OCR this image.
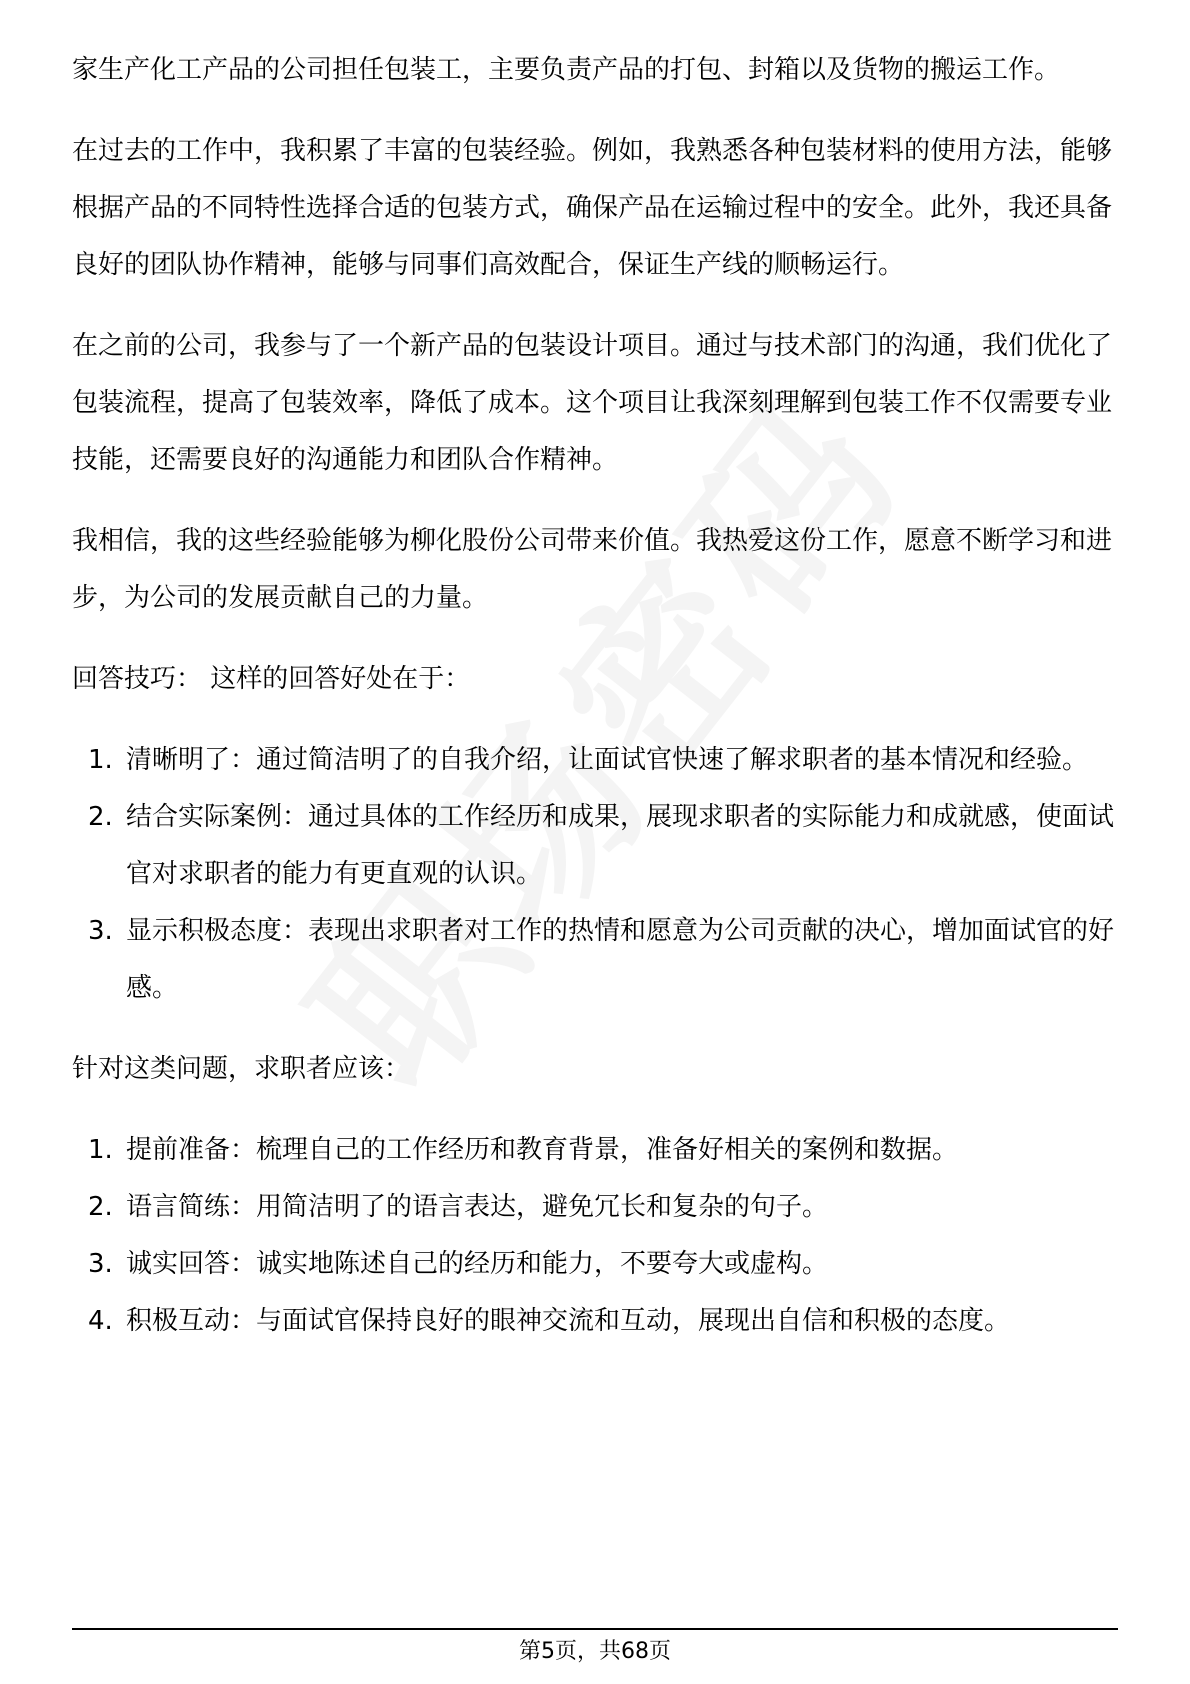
家生产化工产品的公司担任包装工，主要负责产品的打包、封箱以及货物的搬运工作。

在过去的工作中，我积累了丰富的包装经验。例如，我熟悉各种包装材料的使用方法，能够根据产品的不同特性选择合适的包装方式，确保产品在运输过程中的安全。此外，我还具备良好的团队协作精神，能够与同事们高效配合，保证生产线的顺畅运行。

在之前的公司，我参与了一个新产品的包装设计项目。通过与技术部门的沟通，我们优化了包装流程，提高了包装效率，降低了成本。这个项目让我深刻理解到包装工作不仅需要专业技能，还需要良好的沟通能力和团队合作精神。

我相信，我的这些经验能够为柳化股份公司带来价值。我热爱这份工作，愿意不断学习和进步，为公司的发展贡献自己的力量。

回答技巧： 这样的回答好处在于：

1. 清晰明了：通过简洁明了的自我介绍，让面试官快速了解求职者的基本情况和经验。
2. 结合实际案例：通过具体的工作经历和成果，展现求职者的实际能力和成就感，使面试官对求职者的能力有更直观的认识。
3. 显示积极态度：表现出求职者对工作的热情和愿意为公司贡献的决心，增加面试官的好感。

针对这类问题，求职者应该：

1. 提前准备：梳理自己的工作经历和教育背景，准备好相关的案例和数据。
2. 语言简练：用简洁明了的语言表达，避免冗长和复杂的句子。
3. 诚实回答：诚实地陈述自己的经历和能力，不要夸大或虚构。
4. 积极互动：与面试官保持良好的眼神交流和互动，展现出自信和积极的态度。
第5页，共68页
